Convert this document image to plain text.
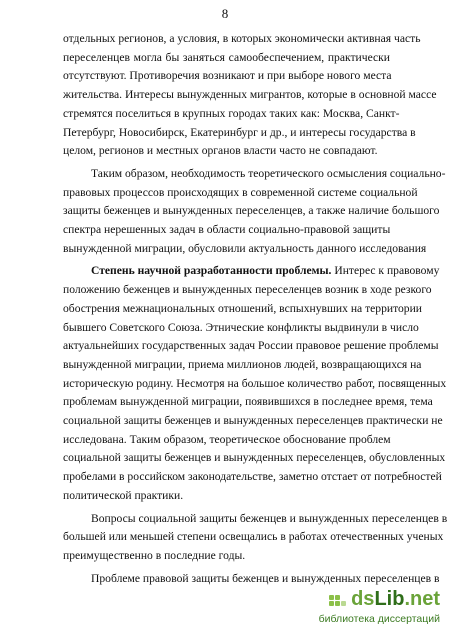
8
отдельных регионов, а условия, в которых экономически активная часть
переселенцев могла бы заняться самообеспечением, практически
отсутствуют. Противоречия возникают и при выборе нового места
жительства. Интересы вынужденных мигрантов, которые в основной массе
стремятся поселиться в крупных городах таких как: Москва, Санкт-
Петербург, Новосибирск, Екатеринбург и др., и интересы государства в
целом, регионов и местных органов власти часто не совпадают.
Таким образом, необходимость теоретического осмысления социально-
правовых процессов происходящих в современной системе социальной
защиты беженцев и вынужденных переселенцев, а также наличие большого
спектра нерешенных задач в области социально-правовой защиты
вынужденной миграции, обусловили актуальность данного исследования
Степень научной разработанности проблемы. Интерес к правовому
положению беженцев и вынужденных переселенцев возник в ходе резкого
обострения межнациональных отношений, вспыхнувших на территории
бывшего Советского Союза. Этнические конфликты выдвинули в число
актуальнейших государственных задач России правовое решение проблемы
вынужденной миграции, приема миллионов людей, возвращающихся на
историческую родину. Несмотря на большое количество работ, посвященных
проблемам вынужденной миграции, появившихся в последнее время, тема
социальной защиты беженцев и вынужденных переселенцев практически не
исследована. Таким образом, теоретическое обоснование проблем
социальной защиты беженцев и вынужденных переселенцев, обусловленных
пробелами в российском законодательстве, заметно отстает от потребностей
политической практики.
Вопросы социальной защиты беженцев и вынужденных переселенцев в
большей или меньшей степени освещались в работах отечественных ученых
преимущественно в последние годы.
Проблеме правовой защиты беженцев и вынужденных переселенцев в
dsLib.net
библиотека диссертаций
